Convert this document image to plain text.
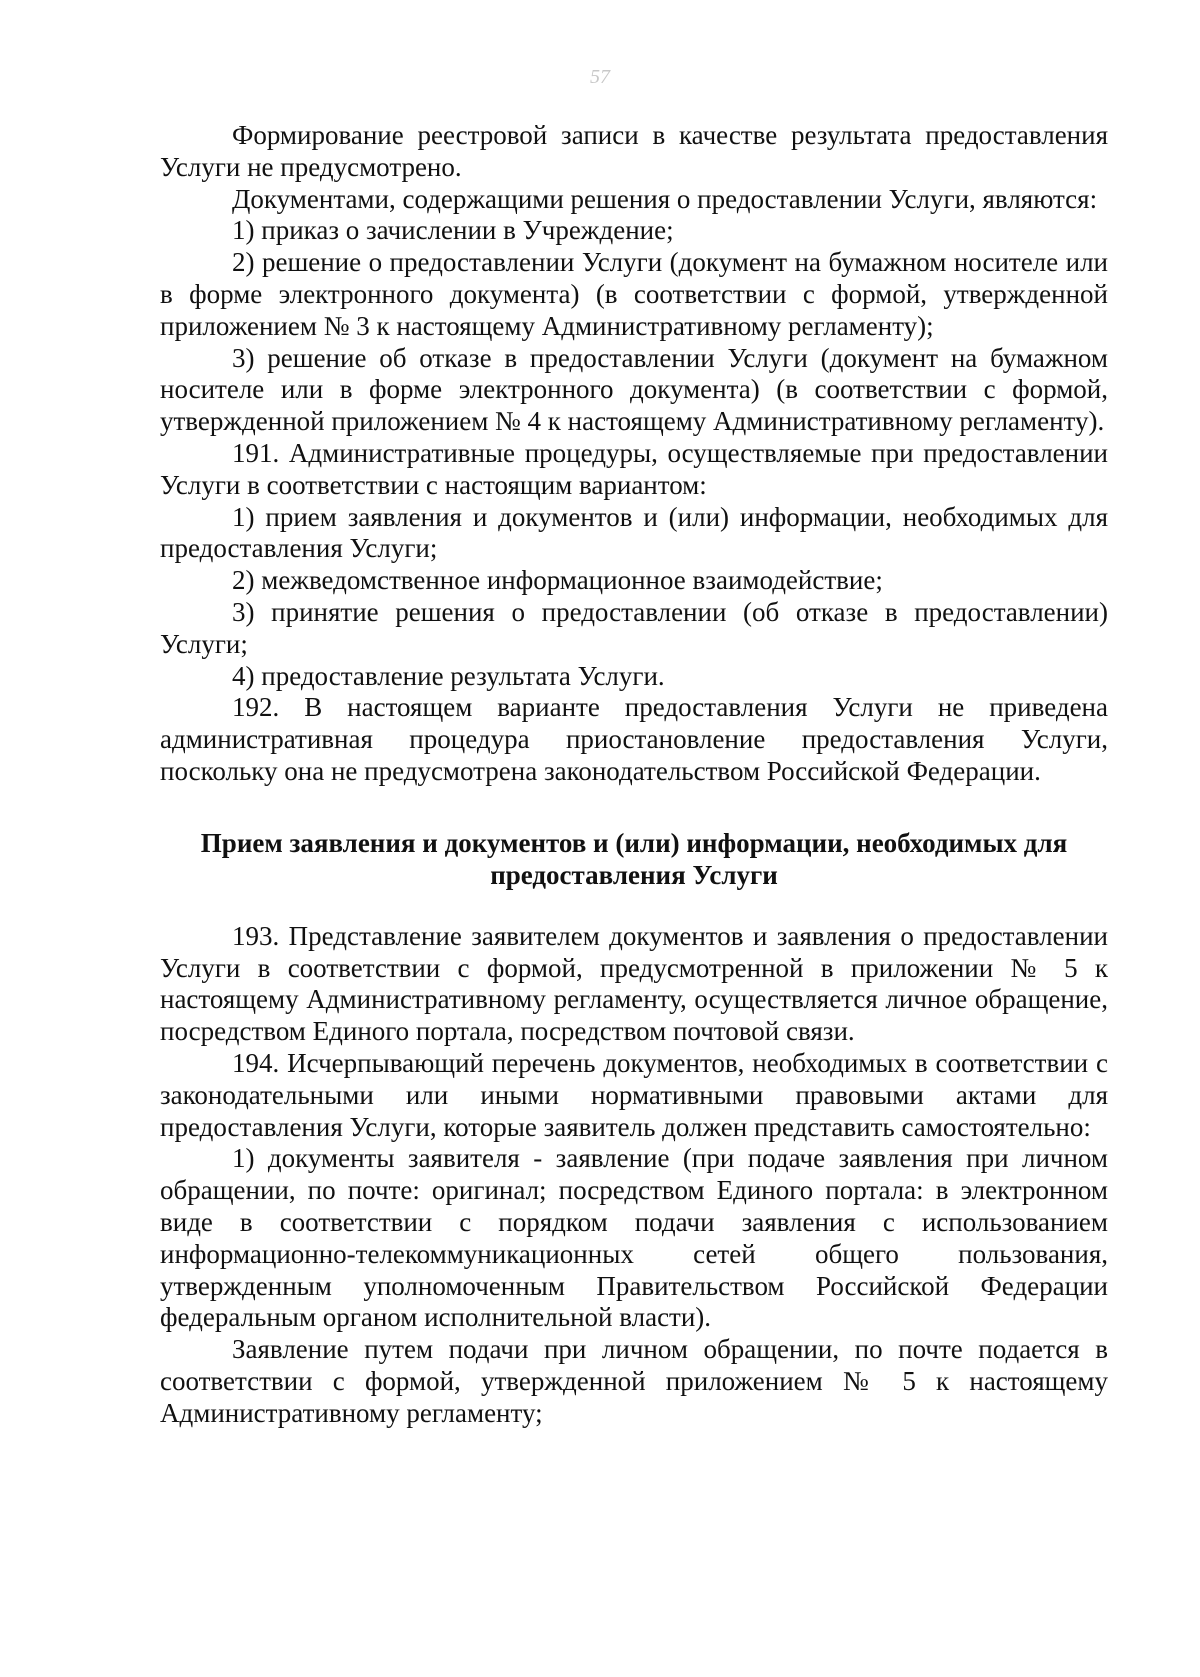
57

Формирование реестровой записи в качестве результата предоставления Услуги не предусмотрено.

Документами, содержащими решения о предоставлении Услуги, являются:

1) приказ о зачислении в Учреждение;

2) решение о предоставлении Услуги (документ на бумажном носителе или в форме электронного документа) (в соответствии с формой, утвержденной приложением № 3 к настоящему Административному регламенту);

3) решение об отказе в предоставлении Услуги (документ на бумажном носителе или в форме электронного документа) (в соответствии с формой, утвержденной приложением № 4 к настоящему Административному регламенту).

191. Административные процедуры, осуществляемые при предоставлении Услуги в соответствии с настоящим вариантом:

1) прием заявления и документов и (или) информации, необходимых для предоставления Услуги;

2) межведомственное информационное взаимодействие;

3) принятие решения о предоставлении (об отказе в предоставлении) Услуги;

4) предоставление результата Услуги.

192. В настоящем варианте предоставления Услуги не приведена административная процедура приостановление предоставления Услуги, поскольку она не предусмотрена законодательством Российской Федерации.

Прием заявления и документов и (или) информации, необходимых для предоставления Услуги

193. Представление заявителем документов и заявления о предоставлении Услуги в соответствии с формой, предусмотренной в приложении № 5 к настоящему Административному регламенту, осуществляется личное обращение, посредством Единого портала, посредством почтовой связи.

194. Исчерпывающий перечень документов, необходимых в соответствии с законодательными или иными нормативными правовыми актами для предоставления Услуги, которые заявитель должен представить самостоятельно:

1) документы заявителя - заявление (при подаче заявления при личном обращении, по почте: оригинал; посредством Единого портала: в электронном виде в соответствии с порядком подачи заявления с использованием информационно-телекоммуникационных сетей общего пользования, утвержденным уполномоченным Правительством Российской Федерации федеральным органом исполнительной власти).

Заявление путем подачи при личном обращении, по почте подается в соответствии с формой, утвержденной приложением № 5 к настоящему Административному регламенту;
